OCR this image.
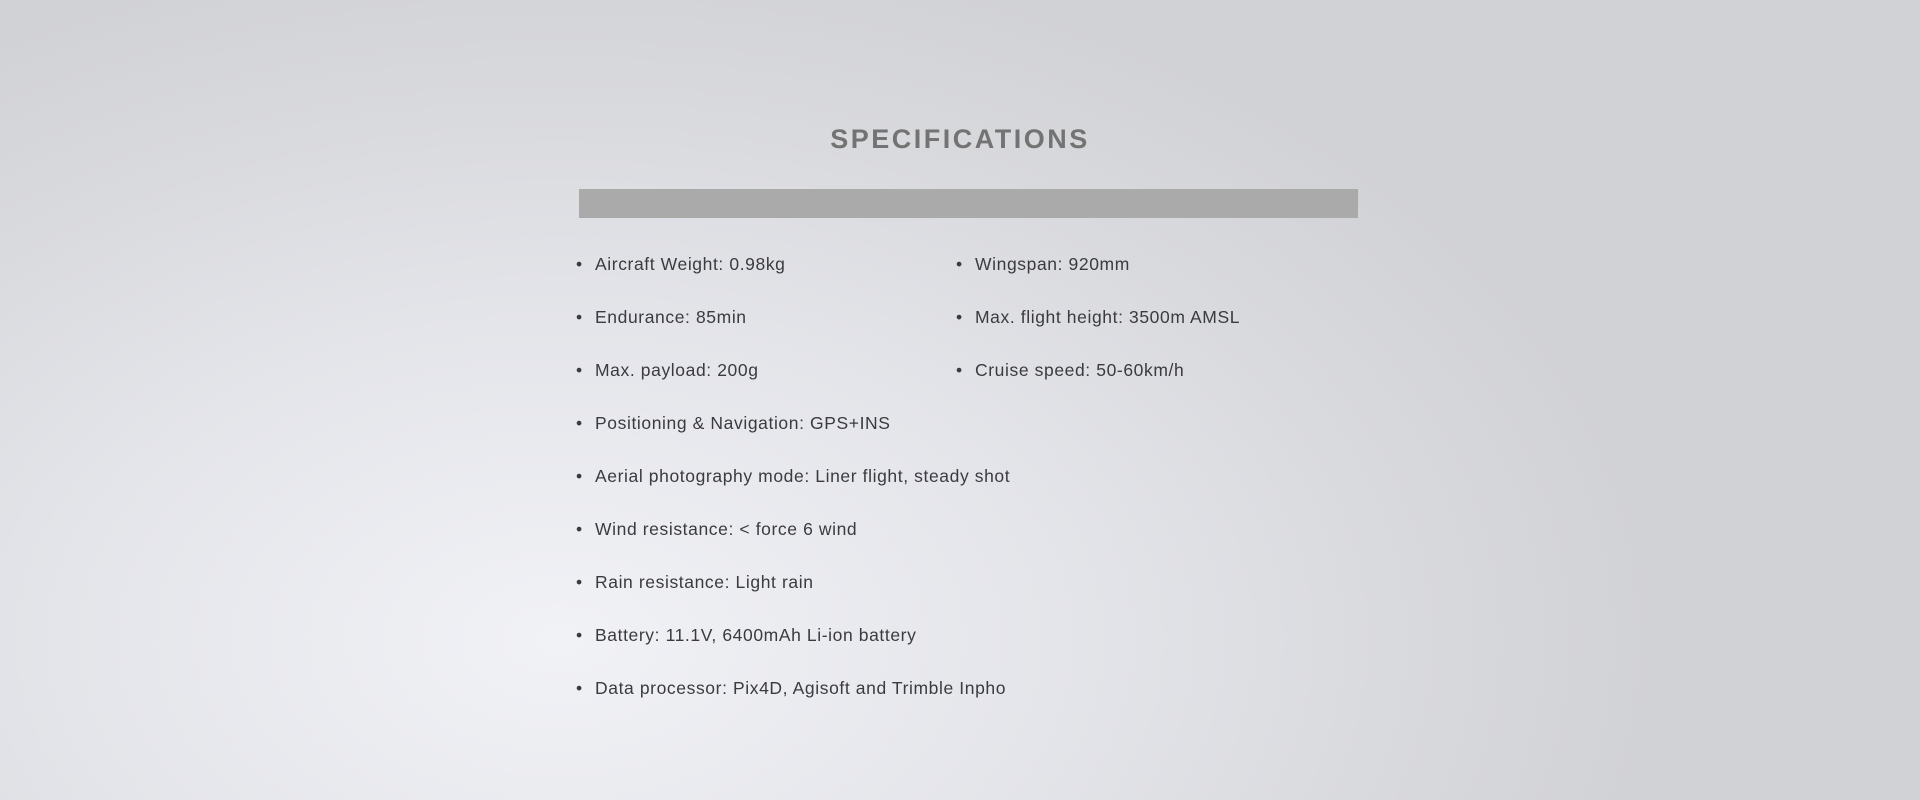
SPECIFICATIONS
• Aircraft Weight: 0.98kg
• Endurance: 85min
• Max. payload: 200g
• Positioning & Navigation: GPS+INS
• Aerial photography mode: Liner flight, steady shot
• Wind resistance: < force 6 wind
• Rain resistance: Light rain
• Battery: 11.1V, 6400mAh Li-ion battery
• Data processor: Pix4D, Agisoft and Trimble Inpho
• Wingspan: 920mm
• Max. flight height: 3500m AMSL
• Cruise speed: 50-60km/h
